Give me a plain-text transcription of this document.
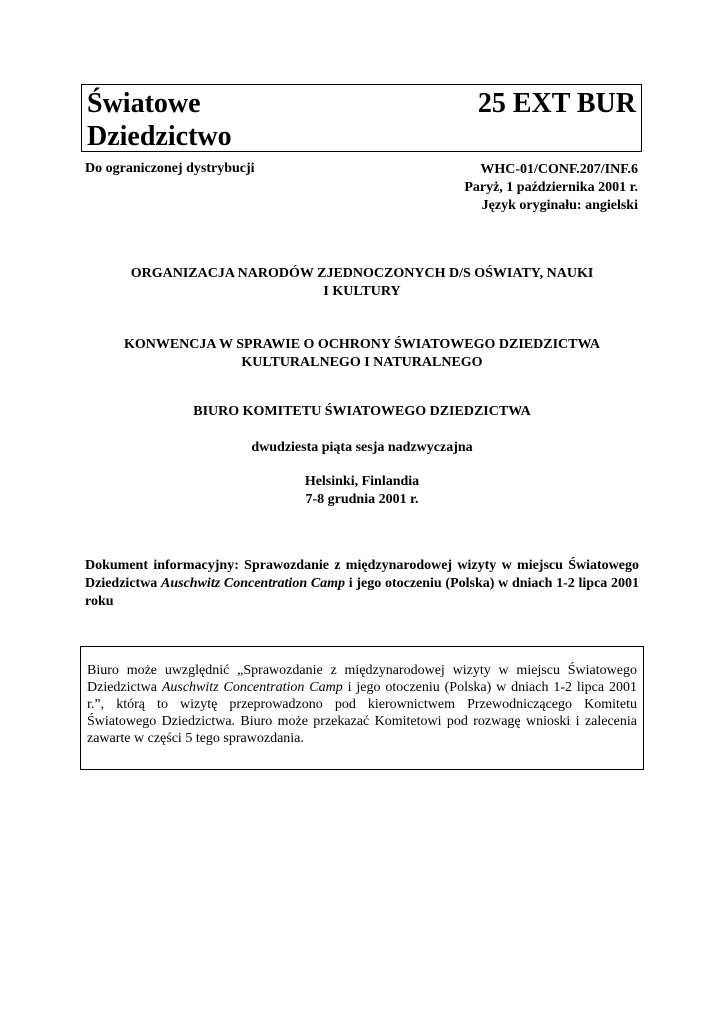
Światowe
Dziedzictwo
25 EXT BUR
Do ograniczonej dystrybucji	WHC-01/CONF.207/INF.6
Paryż, 1 października 2001 r.
Język oryginału: angielski
ORGANIZACJA NARODÓW ZJEDNOCZONYCH D/S OŚWIATY, NAUKI
I KULTURY
KONWENCJA W SPRAWIE O OCHRONY ŚWIATOWEGO DZIEDZICTWA
KULTURALNEGO I NATURALNEGO
BIURO KOMITETU ŚWIATOWEGO DZIEDZICTWA
dwudziesta piąta sesja nadzwyczajna
Helsinki, Finlandia
7-8 grudnia 2001 r.
Dokument informacyjny: Sprawozdanie z międzynarodowej wizyty w miejscu Światowego Dziedzictwa Auschwitz Concentration Camp i jego otoczeniu (Polska) w dniach 1-2 lipca 2001 roku
Biuro może uwzględnić „Sprawozdanie z międzynarodowej wizyty w miejscu Światowego Dziedzictwa Auschwitz Concentration Camp i jego otoczeniu (Polska) w dniach 1-2 lipca 2001 r.”, którą to wizytę przeprowadzono pod kierownictwem Przewodniczącego Komitetu Światowego Dziedzictwa. Biuro może przekazać Komitetowi pod rozwagę wnioski i zalecenia zawarte w części 5 tego sprawozdania.
